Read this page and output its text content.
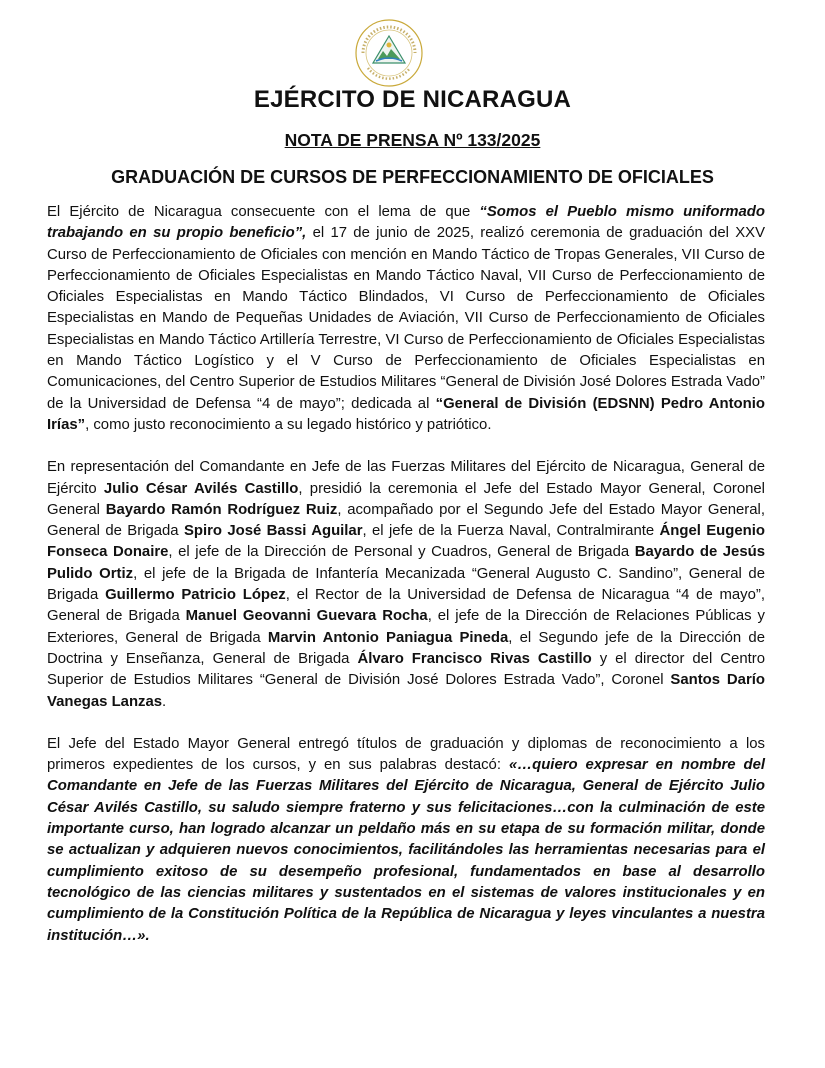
EJÉRCITO DE NICARAGUA
NOTA DE PRENSA Nº 133/2025
GRADUACIÓN DE CURSOS DE PERFECCIONAMIENTO DE OFICIALES

El Ejército de Nicaragua consecuente con el lema de que “Somos el Pueblo mismo uniformado trabajando en su propio beneficio”, el 17 de junio de 2025, realizó ceremonia de graduación del XXV Curso de Perfeccionamiento de Oficiales con mención en Mando Táctico de Tropas Generales, VII Curso de Perfeccionamiento de Oficiales Especialistas en Mando Táctico Naval, VII Curso de Perfeccionamiento de Oficiales Especialistas en Mando Táctico Blindados, VI Curso de Perfeccionamiento de Oficiales Especialistas en Mando de Pequeñas Unidades de Aviación, VII Curso de Perfeccionamiento de Oficiales Especialistas en Mando Táctico Artillería Terrestre, VI Curso de Perfeccionamiento de Oficiales Especialistas en Mando Táctico Logístico y el V Curso de Perfeccionamiento de Oficiales Especialistas en Comunicaciones, del Centro Superior de Estudios Militares “General de División José Dolores Estrada Vado” de la Universidad de Defensa “4 de mayo”; dedicada al “General de División (EDSNN) Pedro Antonio Irías”, como justo reconocimiento a su legado histórico y patriótico.

En representación del Comandante en Jefe de las Fuerzas Militares del Ejército de Nicaragua, General de Ejército Julio César Avilés Castillo, presidió la ceremonia el Jefe del Estado Mayor General, Coronel General Bayardo Ramón Rodríguez Ruiz, acompañado por el Segundo Jefe del Estado Mayor General, General de Brigada Spiro José Bassi Aguilar, el jefe de la Fuerza Naval, Contralmirante Ángel Eugenio Fonseca Donaire, el jefe de la Dirección de Personal y Cuadros, General de Brigada Bayardo de Jesús Pulido Ortiz, el jefe de la Brigada de Infantería Mecanizada “General Augusto C. Sandino”, General de Brigada Guillermo Patricio López, el Rector de la Universidad de Defensa de Nicaragua “4 de mayo”, General de Brigada Manuel Geovanni Guevara Rocha, el jefe de la Dirección de Relaciones Públicas y Exteriores, General de Brigada Marvin Antonio Paniagua Pineda, el Segundo jefe de la Dirección de Doctrina y Enseñanza, General de Brigada Álvaro Francisco Rivas Castillo y el director del Centro Superior de Estudios Militares “General de División José Dolores Estrada Vado”, Coronel Santos Darío Vanegas Lanzas.

El Jefe del Estado Mayor General entregó títulos de graduación y diplomas de reconocimiento a los primeros expedientes de los cursos, y en sus palabras destacó: «…quiero expresar en nombre del Comandante en Jefe de las Fuerzas Militares del Ejército de Nicaragua, General de Ejército Julio César Avilés Castillo, su saludo siempre fraterno y sus felicitaciones…con la culminación de este importante curso, han logrado alcanzar un peldaño más en su etapa de su formación militar, donde se actualizan y adquieren nuevos conocimientos, facilitándoles las herramientas necesarias para el cumplimiento exitoso de su desempeño profesional, fundamentados en base al desarrollo tecnológico de las ciencias militares y sustentados en el sistemas de valores institucionales y en cumplimiento de la Constitución Política de la República de Nicaragua y leyes vinculantes a nuestra institución…».
